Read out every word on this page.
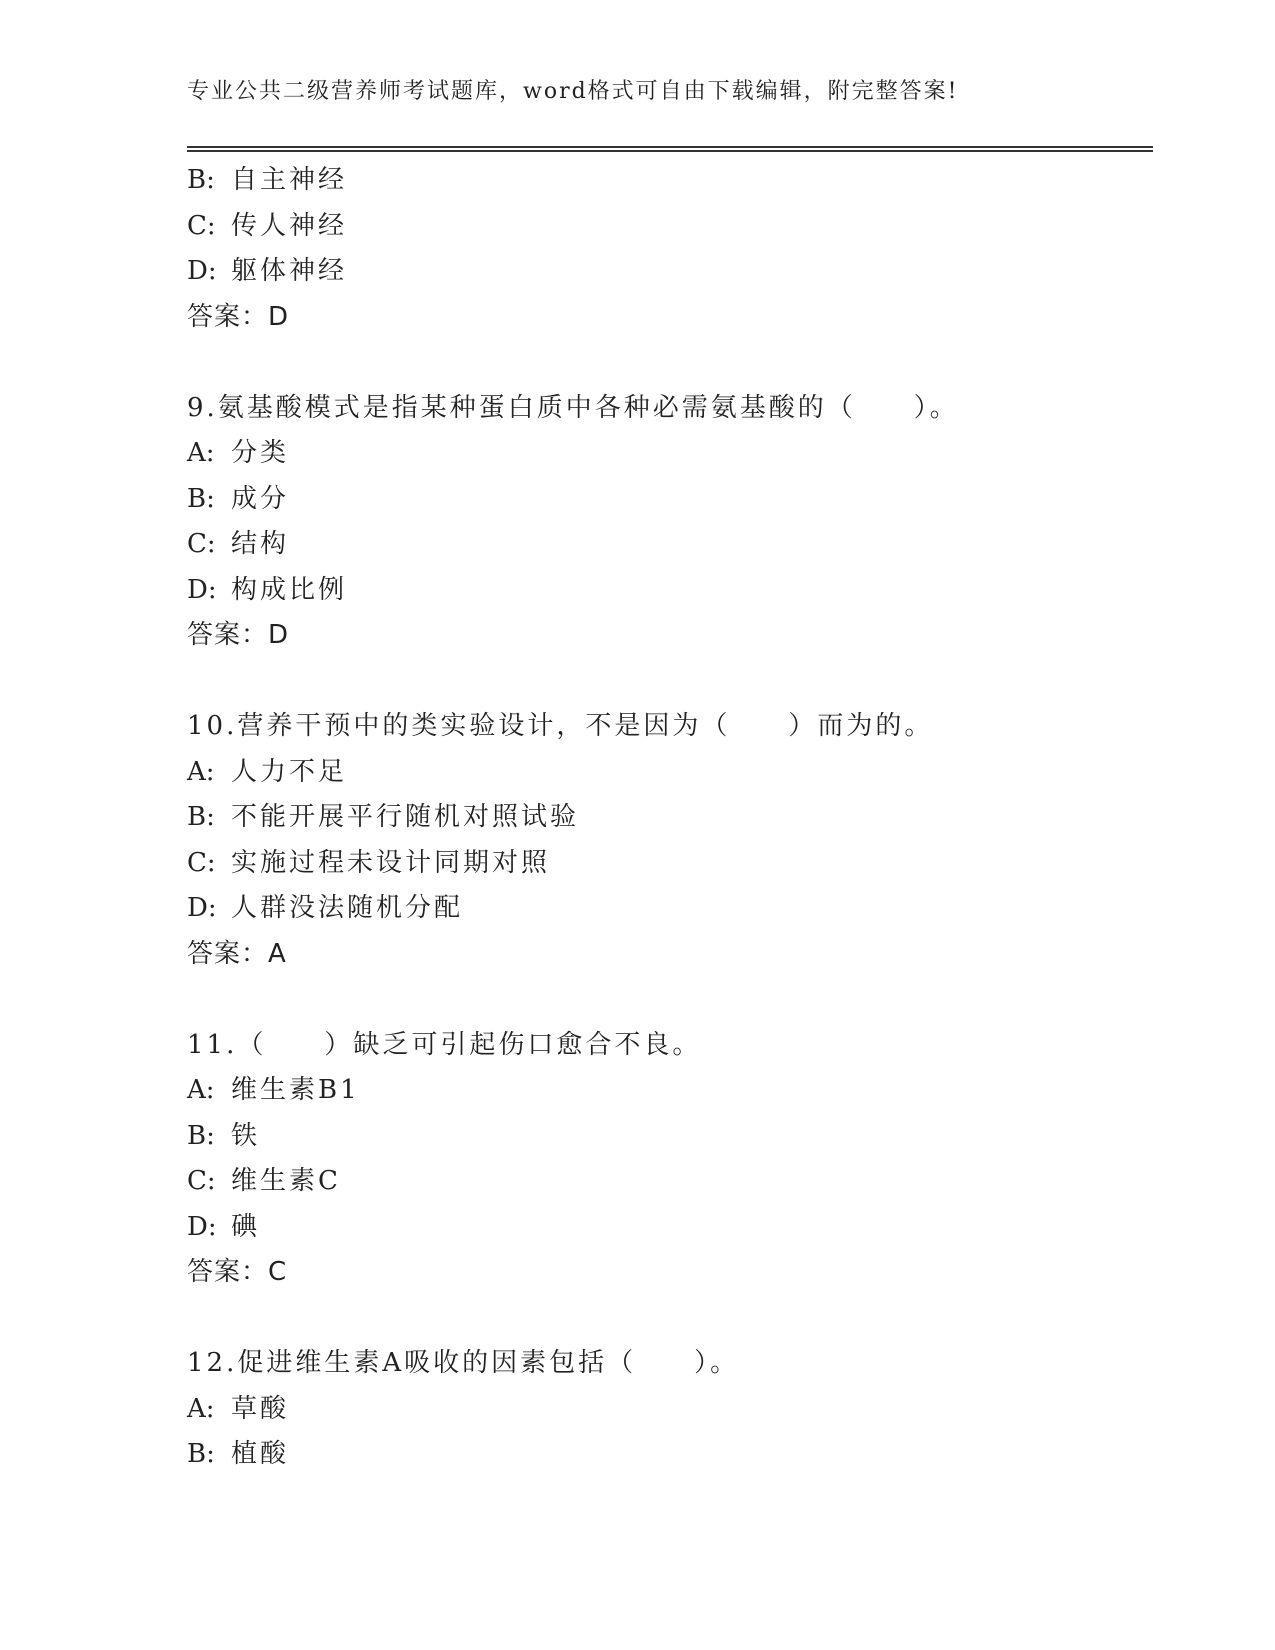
专业公共二级营养师考试题库，word格式可自由下载编辑，附完整答案!
B: 自主神经
C: 传人神经
D: 躯体神经
答案：D
9.氨基酸模式是指某种蛋白质中各种必需氨基酸的（　　）。
A: 分类
B: 成分
C: 结构
D: 构成比例
答案：D
10.营养干预中的类实验设计，不是因为（　　）而为的。
A: 人力不足
B: 不能开展平行随机对照试验
C: 实施过程未设计同期对照
D: 人群没法随机分配
答案：A
11.（　　）缺乏可引起伤口愈合不良。
A: 维生素B1
B: 铁
C: 维生素C
D: 碘
答案：C
12.促进维生素A吸收的因素包括（　　）。
A: 草酸
B: 植酸
